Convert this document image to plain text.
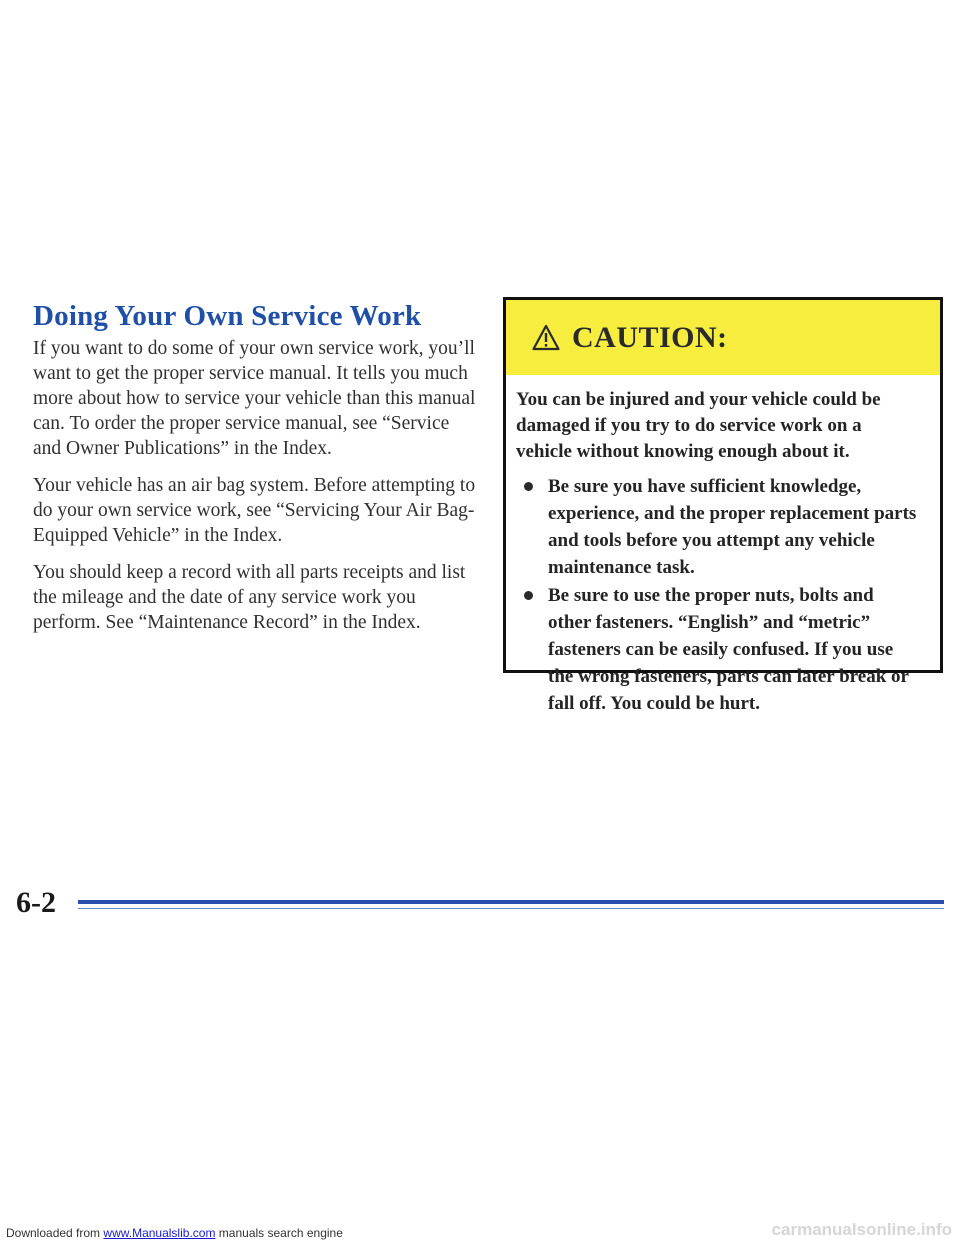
Doing Your Own Service Work

If you want to do some of your own service work, you’ll want to get the proper service manual. It tells you much more about how to service your vehicle than this manual can. To order the proper service manual, see “Service and Owner Publications” in the Index.

Your vehicle has an air bag system. Before attempting to do your own service work, see “Servicing Your Air Bag-Equipped Vehicle” in the Index.

You should keep a record with all parts receipts and list the mileage and the date of any service work you perform. See “Maintenance Record” in the Index.

CAUTION:

You can be injured and your vehicle could be damaged if you try to do service work on a vehicle without knowing enough about it.

Be sure you have sufficient knowledge, experience, and the proper replacement parts and tools before you attempt any vehicle maintenance task.
Be sure to use the proper nuts, bolts and other fasteners. “English” and “metric” fasteners can be easily confused. If you use the wrong fasteners, parts can later break or fall off. You could be hurt.
6-2
Downloaded from www.Manualslib.com manuals search engine	carmanualsonline.info
